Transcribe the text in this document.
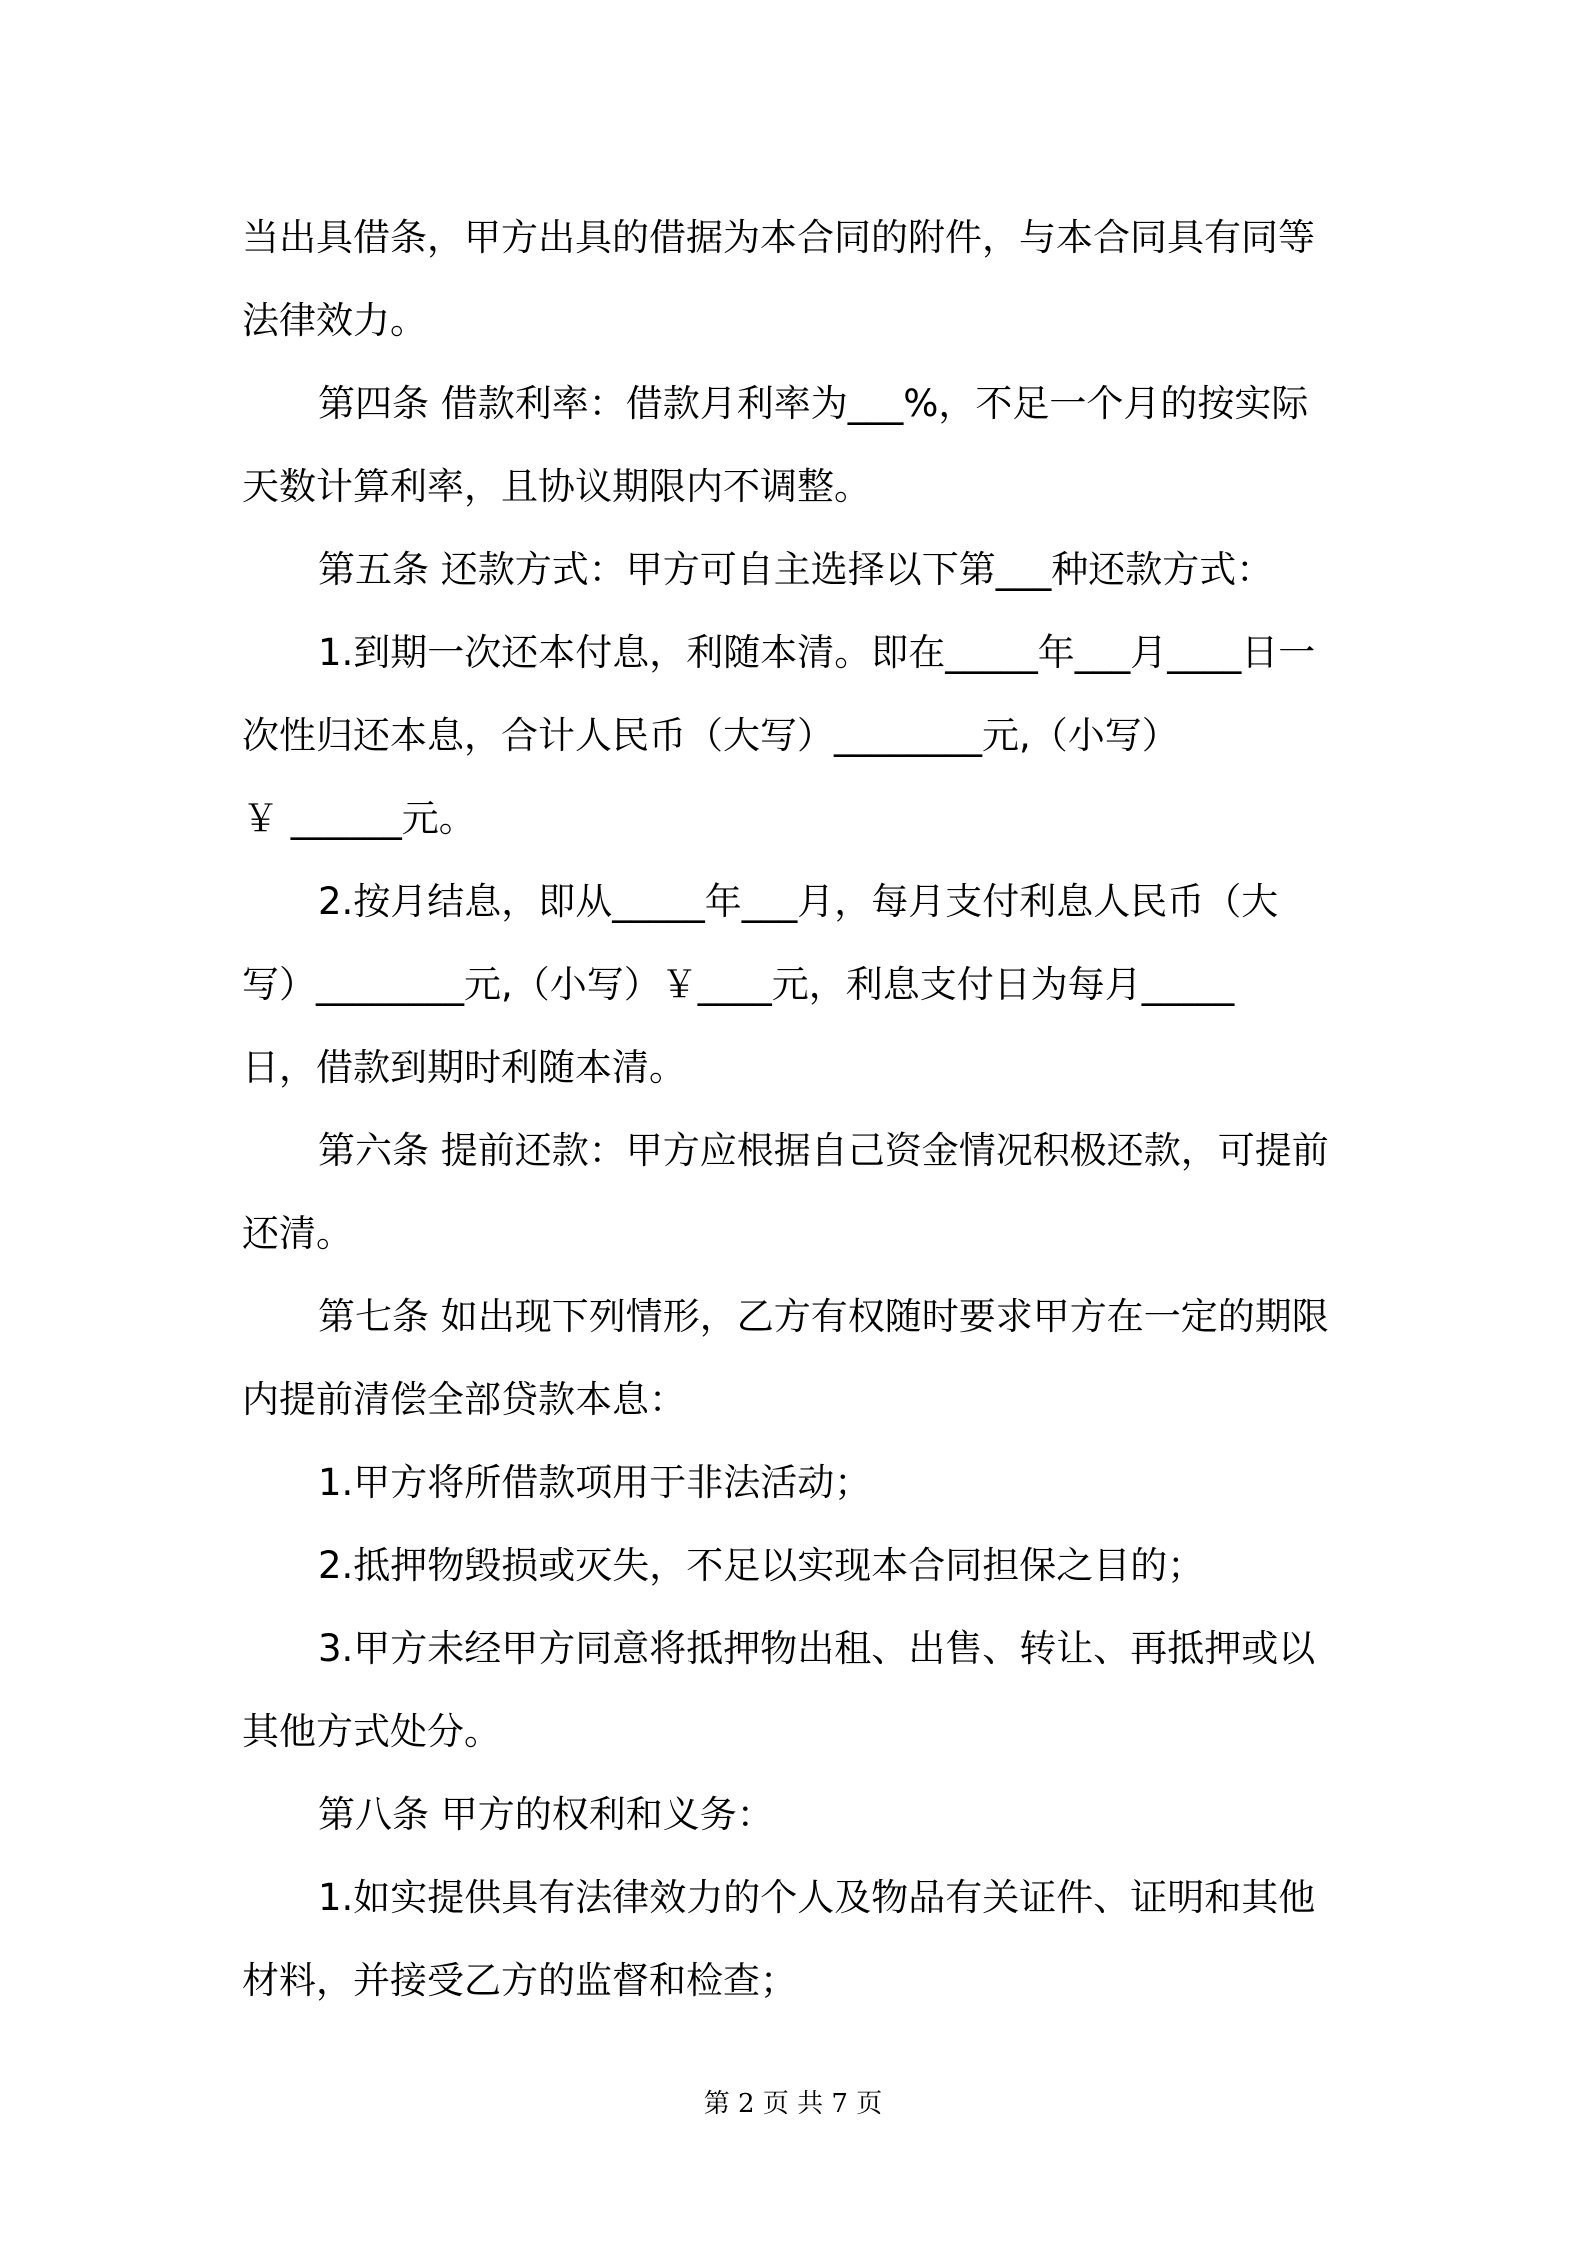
当出具借条，甲方出具的借据为本合同的附件，与本合同具有同等
法律效力。
第四条 借款利率：借款月利率为___%，不足一个月的按实际
天数计算利率，且协议期限内不调整。
第五条 还款方式：甲方可自主选择以下第___种还款方式：
1.到期一次还本付息，利随本清。即在_____年___月____日一
次性归还本息，合计人民币（大写）________元,（小写）
￥ ______元。
2.按月结息，即从_____年___月，每月支付利息人民币（大
写）________元,（小写）￥____元，利息支付日为每月_____
日，借款到期时利随本清。
第六条 提前还款：甲方应根据自己资金情况积极还款，可提前
还清。
第七条 如出现下列情形，乙方有权随时要求甲方在一定的期限
内提前清偿全部贷款本息：
1.甲方将所借款项用于非法活动；
2.抵押物毁损或灭失，不足以实现本合同担保之目的；
3.甲方未经甲方同意将抵押物出租、出售、转让、再抵押或以
其他方式处分。
第八条 甲方的权利和义务：
1.如实提供具有法律效力的个人及物品有关证件、证明和其他
材料，并接受乙方的监督和检查；
第 2 页 共 7 页
